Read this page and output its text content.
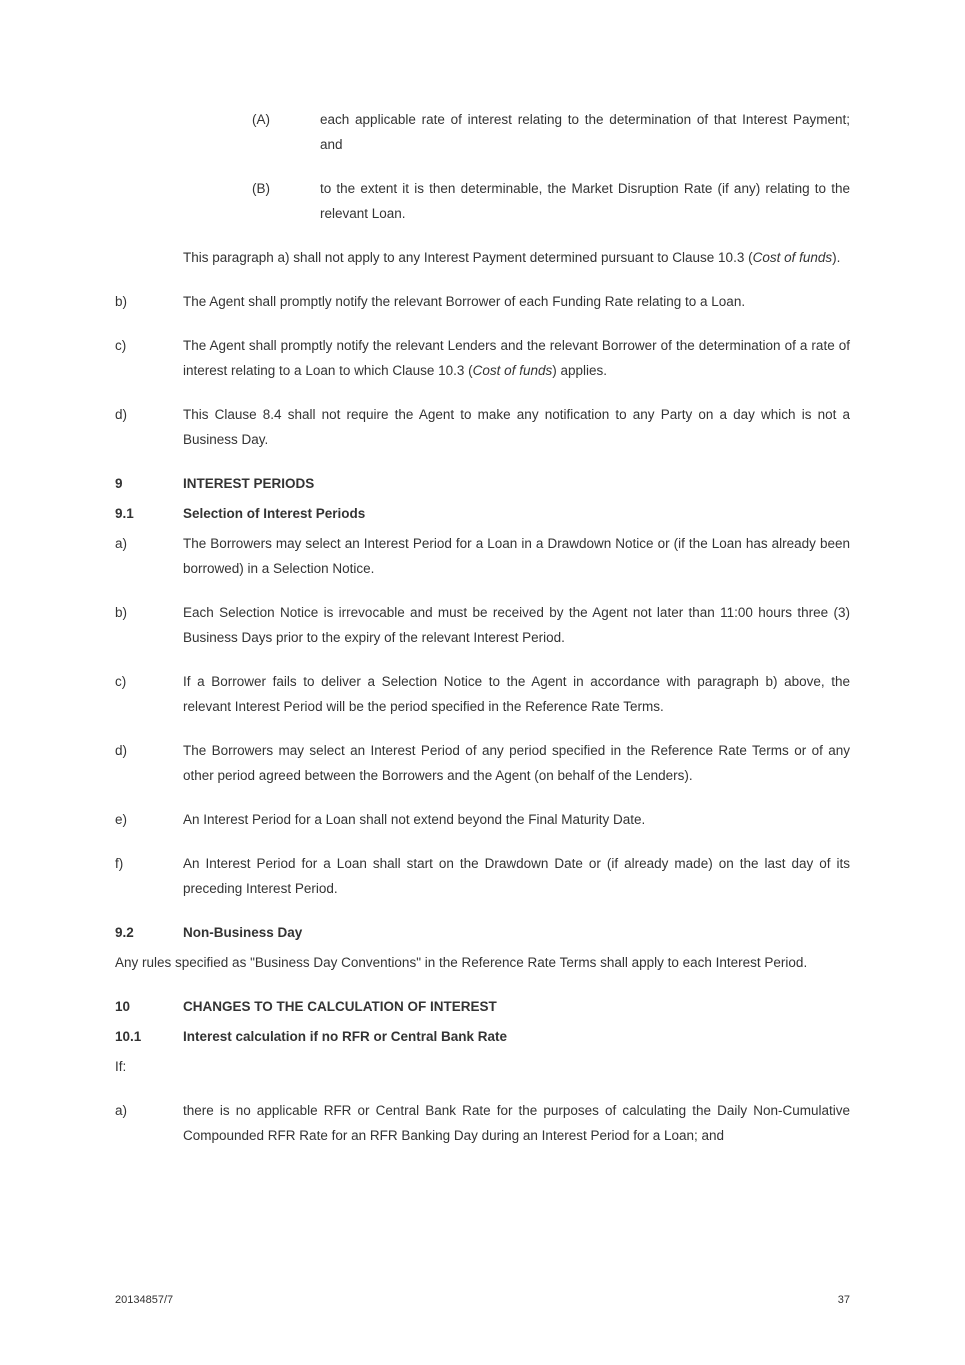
(A)	each applicable rate of interest relating to the determination of that Interest Payment; and
(B)	to the extent it is then determinable, the Market Disruption Rate (if any) relating to the relevant Loan.
This paragraph a) shall not apply to any Interest Payment determined pursuant to Clause 10.3 (Cost of funds).
b)	The Agent shall promptly notify the relevant Borrower of each Funding Rate relating to a Loan.
c)	The Agent shall promptly notify the relevant Lenders and the relevant Borrower of the determination of a rate of interest relating to a Loan to which Clause 10.3 (Cost of funds) applies.
d)	This Clause 8.4 shall not require the Agent to make any notification to any Party on a day which is not a Business Day.
9	INTEREST PERIODS
9.1	Selection of Interest Periods
a)	The Borrowers may select an Interest Period for a Loan in a Drawdown Notice or (if the Loan has already been borrowed) in a Selection Notice.
b)	Each Selection Notice is irrevocable and must be received by the Agent not later than 11:00 hours three (3) Business Days prior to the expiry of the relevant Interest Period.
c)	If a Borrower fails to deliver a Selection Notice to the Agent in accordance with paragraph b) above, the relevant Interest Period will be the period specified in the Reference Rate Terms.
d)	The Borrowers may select an Interest Period of any period specified in the Reference Rate Terms or of any other period agreed between the Borrowers and the Agent (on behalf of the Lenders).
e)	An Interest Period for a Loan shall not extend beyond the Final Maturity Date.
f)	An Interest Period for a Loan shall start on the Drawdown Date or (if already made) on the last day of its preceding Interest Period.
9.2	Non-Business Day
Any rules specified as "Business Day Conventions" in the Reference Rate Terms shall apply to each Interest Period.
10	CHANGES TO THE CALCULATION OF INTEREST
10.1	Interest calculation if no RFR or Central Bank Rate
If:
a)	there is no applicable RFR or Central Bank Rate for the purposes of calculating the Daily Non-Cumulative Compounded RFR Rate for an RFR Banking Day during an Interest Period for a Loan; and
20134857/7	37
